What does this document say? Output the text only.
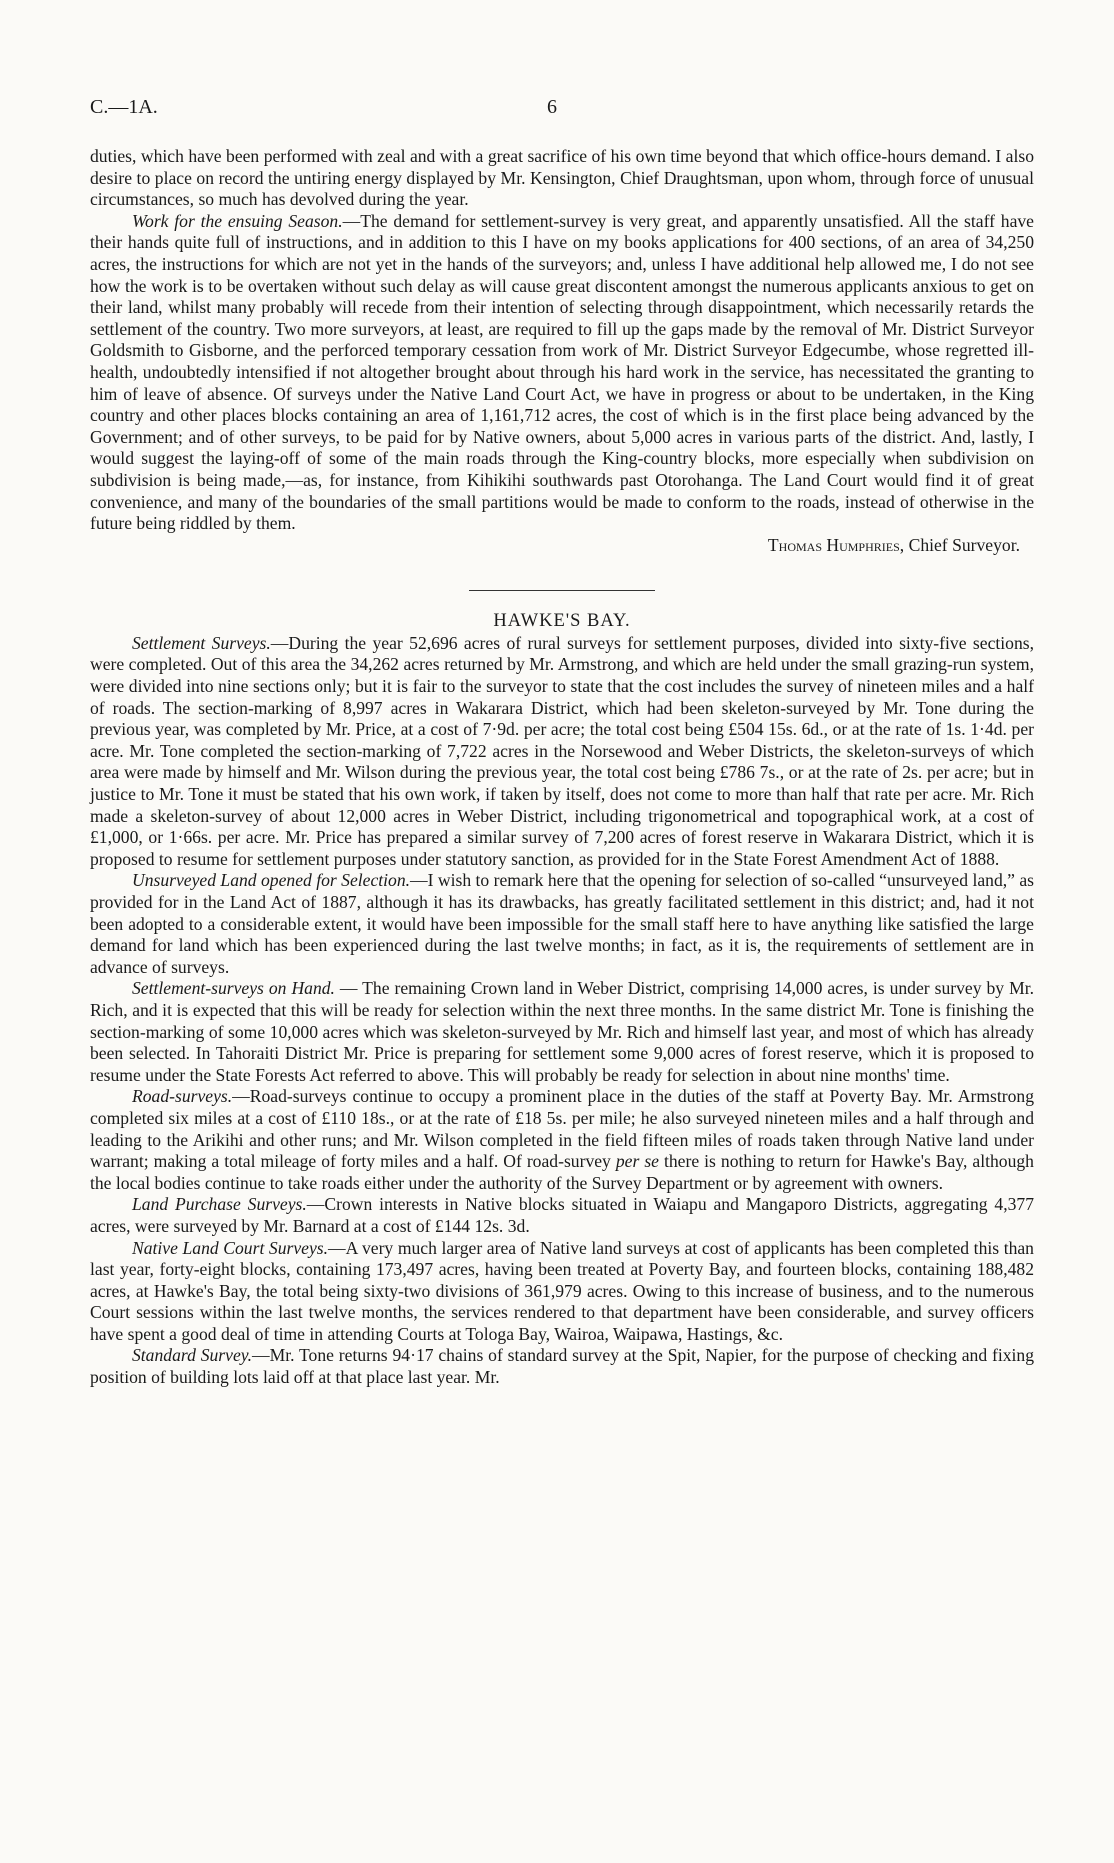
C.—1A.	6

duties, which have been performed with zeal and with a great sacrifice of his own time beyond that which office-hours demand. I also desire to place on record the untiring energy displayed by Mr. Kensington, Chief Draughtsman, upon whom, through force of unusual circumstances, so much has devolved during the year.

Work for the ensuing Season.—The demand for settlement-survey is very great, and apparently unsatisfied. All the staff have their hands quite full of instructions, and in addition to this I have on my books applications for 400 sections, of an area of 34,250 acres, the instructions for which are not yet in the hands of the surveyors; and, unless I have additional help allowed me, I do not see how the work is to be overtaken without such delay as will cause great discontent amongst the numerous applicants anxious to get on their land, whilst many probably will recede from their intention of selecting through disappointment, which necessarily retards the settlement of the country. Two more surveyors, at least, are required to fill up the gaps made by the removal of Mr. District Surveyor Goldsmith to Gisborne, and the perforced temporary cessation from work of Mr. District Surveyor Edgecumbe, whose regretted ill-health, undoubtedly intensified if not altogether brought about through his hard work in the service, has necessitated the granting to him of leave of absence. Of surveys under the Native Land Court Act, we have in progress or about to be undertaken, in the King country and other places blocks containing an area of 1,161,712 acres, the cost of which is in the first place being advanced by the Government; and of other surveys, to be paid for by Native owners, about 5,000 acres in various parts of the district. And, lastly, I would suggest the laying-off of some of the main roads through the King-country blocks, more especially when subdivision on subdivision is being made,—as, for instance, from Kihikihi southwards past Otorohanga. The Land Court would find it of great convenience, and many of the boundaries of the small partitions would be made to conform to the roads, instead of otherwise in the future being riddled by them.

Thomas Humphries, Chief Surveyor.

HAWKE'S BAY.

Settlement Surveys.—During the year 52,696 acres of rural surveys for settlement purposes, divided into sixty-five sections, were completed. Out of this area the 34,262 acres returned by Mr. Armstrong, and which are held under the small grazing-run system, were divided into nine sections only; but it is fair to the surveyor to state that the cost includes the survey of nineteen miles and a half of roads. The section-marking of 8,997 acres in Wakarara District, which had been skeleton-surveyed by Mr. Tone during the previous year, was completed by Mr. Price, at a cost of 7·9d. per acre; the total cost being £504 15s. 6d., or at the rate of 1s. 1·4d. per acre. Mr. Tone completed the section-marking of 7,722 acres in the Norsewood and Weber Districts, the skeleton-surveys of which area were made by himself and Mr. Wilson during the previous year, the total cost being £786 7s., or at the rate of 2s. per acre; but in justice to Mr. Tone it must be stated that his own work, if taken by itself, does not come to more than half that rate per acre. Mr. Rich made a skeleton-survey of about 12,000 acres in Weber District, including trigonometrical and topographical work, at a cost of £1,000, or 1·66s. per acre. Mr. Price has prepared a similar survey of 7,200 acres of forest reserve in Wakarara District, which it is proposed to resume for settlement purposes under statutory sanction, as provided for in the State Forest Amendment Act of 1888.

Unsurveyed Land opened for Selection.—I wish to remark here that the opening for selection of so-called “unsurveyed land,” as provided for in the Land Act of 1887, although it has its drawbacks, has greatly facilitated settlement in this district; and, had it not been adopted to a considerable extent, it would have been impossible for the small staff here to have anything like satisfied the large demand for land which has been experienced during the last twelve months; in fact, as it is, the requirements of settlement are in advance of surveys.

Settlement-surveys on Hand. — The remaining Crown land in Weber District, comprising 14,000 acres, is under survey by Mr. Rich, and it is expected that this will be ready for selection within the next three months. In the same district Mr. Tone is finishing the section-marking of some 10,000 acres which was skeleton-surveyed by Mr. Rich and himself last year, and most of which has already been selected. In Tahoraiti District Mr. Price is preparing for settlement some 9,000 acres of forest reserve, which it is proposed to resume under the State Forests Act referred to above. This will probably be ready for selection in about nine months' time.

Road-surveys.—Road-surveys continue to occupy a prominent place in the duties of the staff at Poverty Bay. Mr. Armstrong completed six miles at a cost of £110 18s., or at the rate of £18 5s. per mile; he also surveyed nineteen miles and a half through and leading to the Arikihi and other runs; and Mr. Wilson completed in the field fifteen miles of roads taken through Native land under warrant; making a total mileage of forty miles and a half. Of road-survey per se there is nothing to return for Hawke's Bay, although the local bodies continue to take roads either under the authority of the Survey Department or by agreement with owners.

Land Purchase Surveys.—Crown interests in Native blocks situated in Waiapu and Mangaporo Districts, aggregating 4,377 acres, were surveyed by Mr. Barnard at a cost of £144 12s. 3d.

Native Land Court Surveys.—A very much larger area of Native land surveys at cost of applicants has been completed this than last year, forty-eight blocks, containing 173,497 acres, having been treated at Poverty Bay, and fourteen blocks, containing 188,482 acres, at Hawke's Bay, the total being sixty-two divisions of 361,979 acres. Owing to this increase of business, and to the numerous Court sessions within the last twelve months, the services rendered to that department have been considerable, and survey officers have spent a good deal of time in attending Courts at Tologa Bay, Wairoa, Waipawa, Hastings, &c.

Standard Survey.—Mr. Tone returns 94·17 chains of standard survey at the Spit, Napier, for the purpose of checking and fixing position of building lots laid off at that place last year. Mr.
